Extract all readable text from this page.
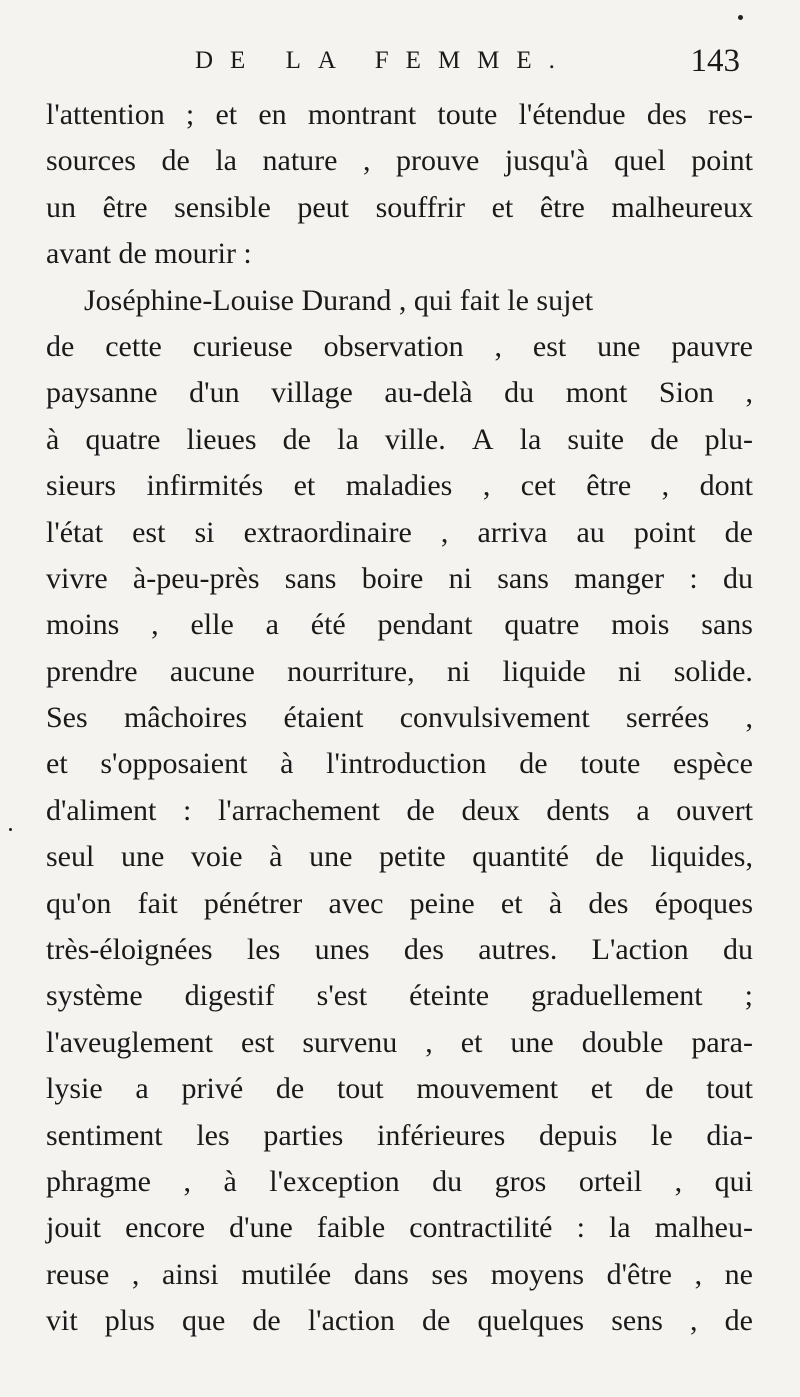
DE LA FEMME.	143
l'attention ; et en montrant toute l'étendue des res-
sources de la nature , prouve jusqu'à quel point
un être sensible peut souffrir et être malheureux
avant de mourir :
Joséphine-Louise Durand , qui fait le sujet
de cette curieuse observation , est une pauvre
paysanne d'un village au-delà du mont Sion ,
à quatre lieues de la ville. A la suite de plu-
sieurs infirmités et maladies , cet être , dont
l'état est si extraordinaire , arriva au point de
vivre à-peu-près sans boire ni sans manger : du
moins , elle a été pendant quatre mois sans
prendre aucune nourriture, ni liquide ni solide.
Ses mâchoires étaient convulsivement serrées ,
et s'opposaient à l'introduction de toute espèce
d'aliment : l'arrachement de deux dents a ouvert
seul une voie à une petite quantité de liquides,
qu'on fait pénétrer avec peine et à des époques
très-éloignées les unes des autres. L'action du
système digestif s'est éteinte graduellement ;
l'aveuglement est survenu , et une double para-
lysie a privé de tout mouvement et de tout
sentiment les parties inférieures depuis le dia-
phragme , à l'exception du gros orteil , qui
jouit encore d'une faible contractilité : la malheu-
reuse , ainsi mutilée dans ses moyens d'être , ne
vit plus que de l'action de quelques sens , de
